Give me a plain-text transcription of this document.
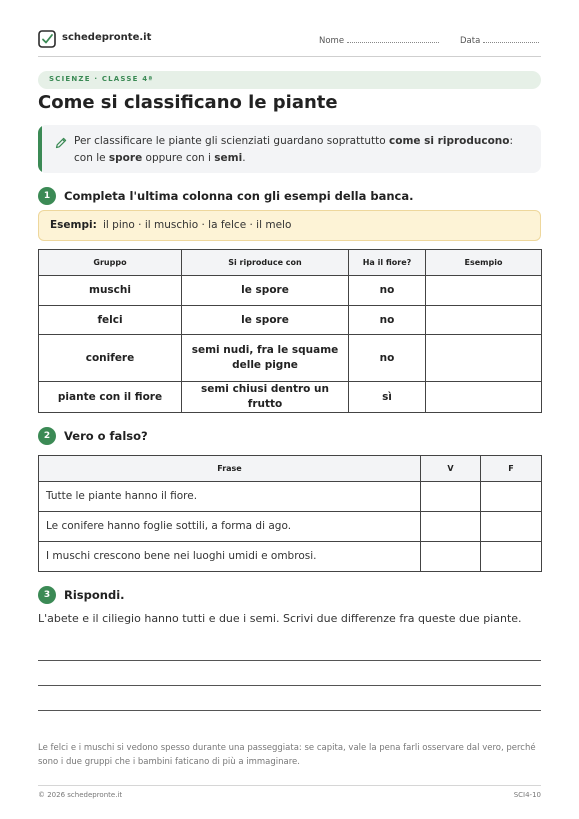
schedepronte.it	Nome	Data
SCIENZE · CLASSE 4ª
Come si classificano le piante
Per classificare le piante gli scienziati guardano soprattutto come si riproducono: con le spore oppure con i semi.
1	Completa l'ultima colonna con gli esempi della banca.
Esempi: il pino · il muschio · la felce · il melo
Gruppo	Si riproduce con	Ha il fiore?	Esempio
muschi	le spore	no	
felci	le spore	no	
conifere	semi nudi, fra le squame delle pigne	no	
piante con il fiore	semi chiusi dentro un frutto	sì	
2	Vero o falso?
Frase	V	F
Tutte le piante hanno il fiore.		
Le conifere hanno foglie sottili, a forma di ago.		
I muschi crescono bene nei luoghi umidi e ombrosi.		
3	Rispondi.
L'abete e il ciliegio hanno tutti e due i semi. Scrivi due differenze fra queste due piante.
Le felci e i muschi si vedono spesso durante una passeggiata: se capita, vale la pena farli osservare dal vero, perché sono i due gruppi che i bambini faticano di più a immaginare.
© 2026 schedepronte.it	SCI4-10
